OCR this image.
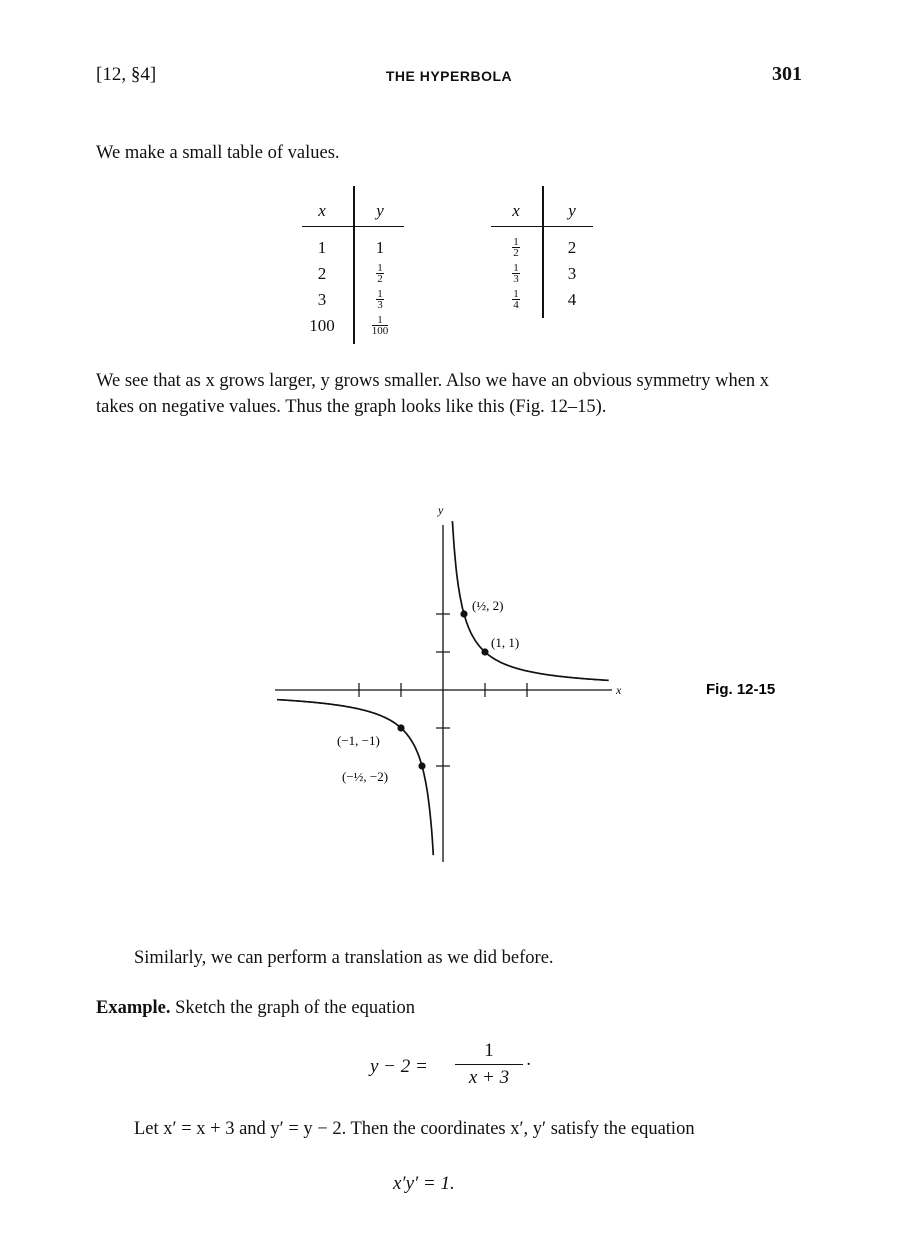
[12, §4]	THE HYPERBOLA	301
We make a small table of values.
x	y
1	1
2	$\frac{1}{2}$
3	$\frac{1}{3}$
100	$\frac{1}{100}$
x	y
$\frac{1}{2}$	2
$\frac{1}{3}$	3
$\frac{1}{4}$	4
We see that as x grows larger, y grows smaller. Also we have an obvious symmetry when x takes on negative values. Thus the graph looks like this (Fig. 12–15).
y
x
(½, 2)
(1, 1)
(−1, −1)
(−½, −2)
Fig. 12-15
Similarly, we can perform a translation as we did before.
Example. Sketch the graph of the equation
$y - 2 = \frac{1}{x + 3}$ ·
Let x′ = x + 3 and y′ = y − 2. Then the coordinates x′, y′ satisfy the equation
x′y′ = 1.
